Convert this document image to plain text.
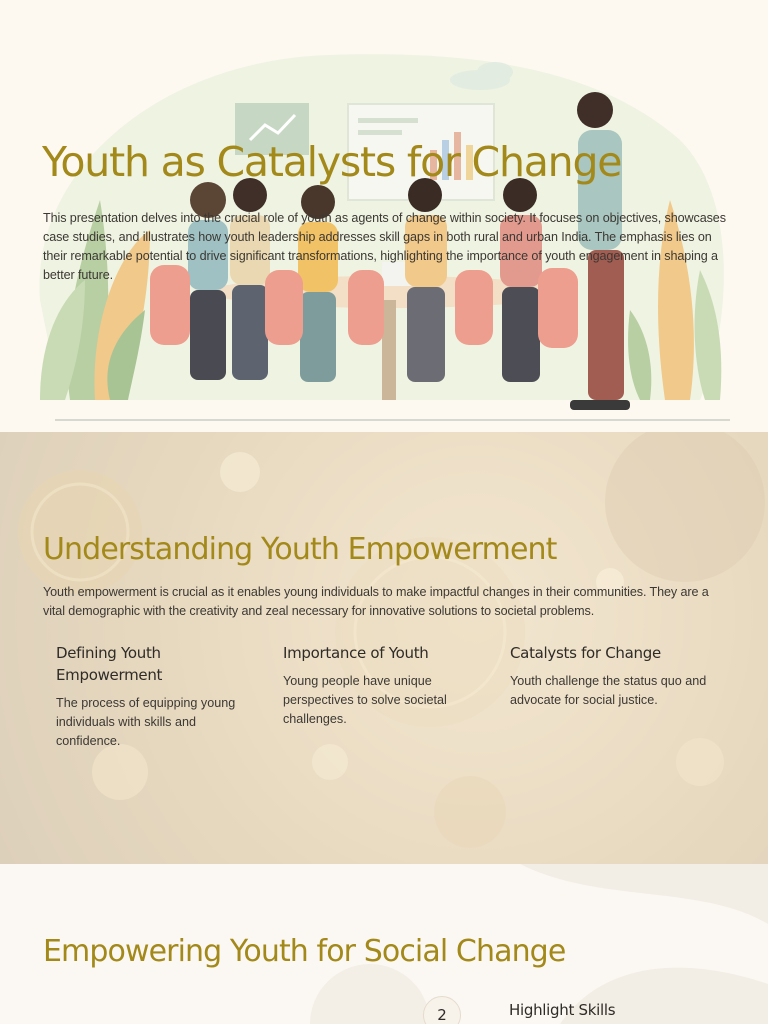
Youth as Catalysts for Change

This presentation delves into the crucial role of youth as agents of change within society. It focuses on objectives, showcases case studies, and illustrates how youth leadership addresses skill gaps in both rural and urban India. The emphasis lies on their remarkable potential to drive significant transformations, highlighting the importance of youth engagement in shaping a better future.

Understanding Youth Empowerment

Youth empowerment is crucial as it enables young individuals to make impactful changes in their communities. They are a vital demographic with the creativity and zeal necessary for innovative solutions to societal problems.

Defining Youth Empowerment

The process of equipping young individuals with skills and confidence.

Importance of Youth

Young people have unique perspectives to solve societal challenges.

Catalysts for Change

Youth challenge the status quo and advocate for social justice.

Empowering Youth for Social Change
2	Highlight Skills
